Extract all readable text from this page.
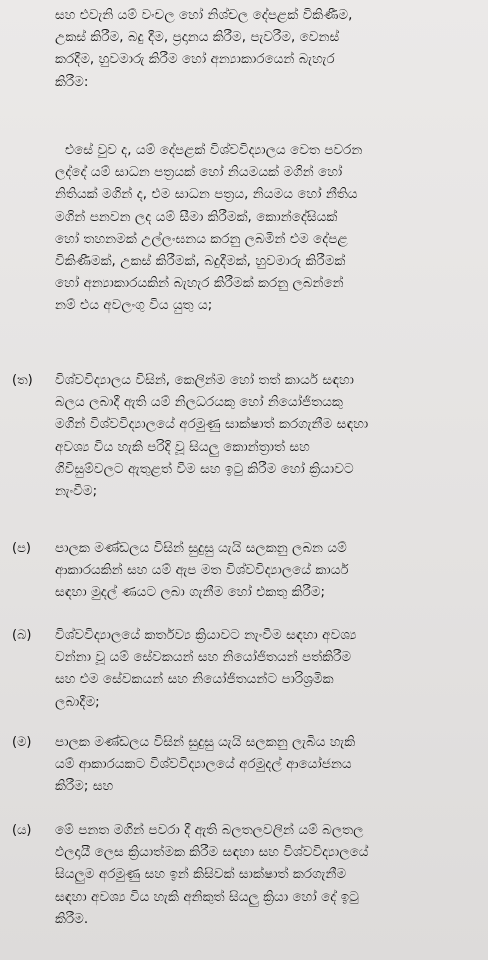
සහ එවැනි යම් වංචල හෝ නිශ්චල දේපළක් විකිණීම,
උකස් කිරීම, බදු දීම, ප්‍රදානය කිරීම, පැවරීම, වෙනස්
කරදීම, හුවමාරු කිරීම හෝ අන්‍යාකාරයෙන් බැහැර
කිරීම:
එසේ වුව ද, යම් දේපළක් විශ්වවිද්‍යාලය වෙත පවරන
ලද්දේ යම් සාධන පත්‍රයක් හෝ නියමයක් මගින් හෝ
නිතියක් මගින් ද, එම සාධන පත්‍රය, නියමය හෝ නීතිය
මගින් පනවන ලද යම් සීමා කිරීමක්, කොන්දේසියක්
හෝ තහනමක් උල්ලංඝනය කරනු ලබමින් එම දේපළ
විකිණීමක්, උකස් කිරීමක්, බදුදීමක්, හුවමාරු කිරීමක්
හෝ අන්‍යාකාරයකින් බැහැර කිරීමක් කරනු ලබන්නේ
නම් එය අවලංගු විය යුතු ය;
(ත) විශ්වවිද්‍යාලය විසින්, කෙලින්ම හෝ තත් කාර්ය සඳහා
බලය ලබාදී ඇති යම් නිලධරයකු හෝ නියෝජිතයකු
මගින් විශ්වවිද්‍යාලයේ අරමුණු සාක්ෂාත් කරගැනීම සඳහා
අවශ්‍ය විය හැකි පරිදි වූ සියලු කොන්ත්‍රාත් සහ
ගිවිසුම්වලට ඇතුළත් වීම සහ ඉටු කිරීම හෝ ක්‍රියාවට
නැංවීම;
(ප) පාලක මණ්ඩලය විසින් සුදුසු යැයි සලකනු ලබන යම්
ආකාරයකින් සහ යම් ඇප මත විශ්වවිද්‍යාලයේ කාර්ය
සඳහා මුදල් ණයට ලබා ගැනීම හෝ එකතු කිරීම;
(බ) විශ්වවිද්‍යාලයේ කර්තව්‍ය ක්‍රියාවට නැංවීම සඳහා අවශ්‍ය
වන්නා වූ යම් සේවකයන් සහ නියෝජිතයන් පත්කිරීම
සහ එම සේවකයන් සහ නියෝජිතයන්ට පාරිශ්‍රමික
ලබාදීම;
(ම) පාලක මණ්ඩලය විසින් සුදුසු යැයි සලකනු ලැබිය හැකි
යම් ආකාරයකට විශ්වවිද්‍යාලයේ අරමුදල් ආයෝජනය
කිරීම; සහ
(ය) මේ පනත මගින් පවරා දී ඇති බලතලවලින් යම් බලතල
ඵලදායී ලෙස ක්‍රියාත්මක කිරීම සඳහා සහ විශ්වවිද්‍යාලයේ
සියලුම අරමුණු සහ ඉන් කිසිවක් සාක්ෂාත් කරගැනීම
සඳහා අවශ්‍ය විය හැකි අනිකුත් සියලු ක්‍රියා හෝ දේ ඉටු
කිරීම.
